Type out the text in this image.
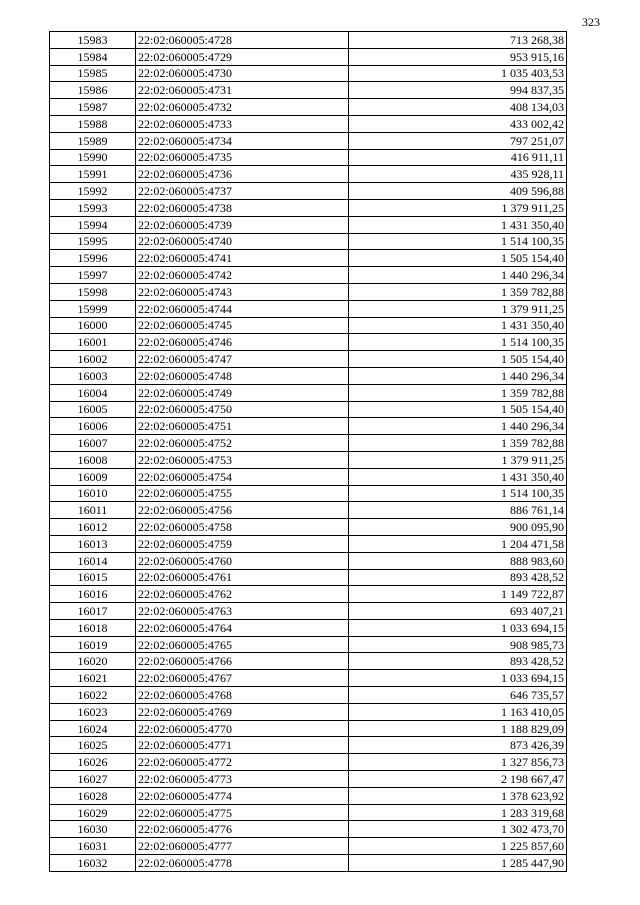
323
15983	22:02:060005:4728	713 268,38
15984	22:02:060005:4729	953 915,16
15985	22:02:060005:4730	1 035 403,53
15986	22:02:060005:4731	994 837,35
15987	22:02:060005:4732	408 134,03
15988	22:02:060005:4733	433 002,42
15989	22:02:060005:4734	797 251,07
15990	22:02:060005:4735	416 911,11
15991	22:02:060005:4736	435 928,11
15992	22:02:060005:4737	409 596,88
15993	22:02:060005:4738	1 379 911,25
15994	22:02:060005:4739	1 431 350,40
15995	22:02:060005:4740	1 514 100,35
15996	22:02:060005:4741	1 505 154,40
15997	22:02:060005:4742	1 440 296,34
15998	22:02:060005:4743	1 359 782,88
15999	22:02:060005:4744	1 379 911,25
16000	22:02:060005:4745	1 431 350,40
16001	22:02:060005:4746	1 514 100,35
16002	22:02:060005:4747	1 505 154,40
16003	22:02:060005:4748	1 440 296,34
16004	22:02:060005:4749	1 359 782,88
16005	22:02:060005:4750	1 505 154,40
16006	22:02:060005:4751	1 440 296,34
16007	22:02:060005:4752	1 359 782,88
16008	22:02:060005:4753	1 379 911,25
16009	22:02:060005:4754	1 431 350,40
16010	22:02:060005:4755	1 514 100,35
16011	22:02:060005:4756	886 761,14
16012	22:02:060005:4758	900 095,90
16013	22:02:060005:4759	1 204 471,58
16014	22:02:060005:4760	888 983,60
16015	22:02:060005:4761	893 428,52
16016	22:02:060005:4762	1 149 722,87
16017	22:02:060005:4763	693 407,21
16018	22:02:060005:4764	1 033 694,15
16019	22:02:060005:4765	908 985,73
16020	22:02:060005:4766	893 428,52
16021	22:02:060005:4767	1 033 694,15
16022	22:02:060005:4768	646 735,57
16023	22:02:060005:4769	1 163 410,05
16024	22:02:060005:4770	1 188 829,09
16025	22:02:060005:4771	873 426,39
16026	22:02:060005:4772	1 327 856,73
16027	22:02:060005:4773	2 198 667,47
16028	22:02:060005:4774	1 378 623,92
16029	22:02:060005:4775	1 283 319,68
16030	22:02:060005:4776	1 302 473,70
16031	22:02:060005:4777	1 225 857,60
16032	22:02:060005:4778	1 285 447,90
